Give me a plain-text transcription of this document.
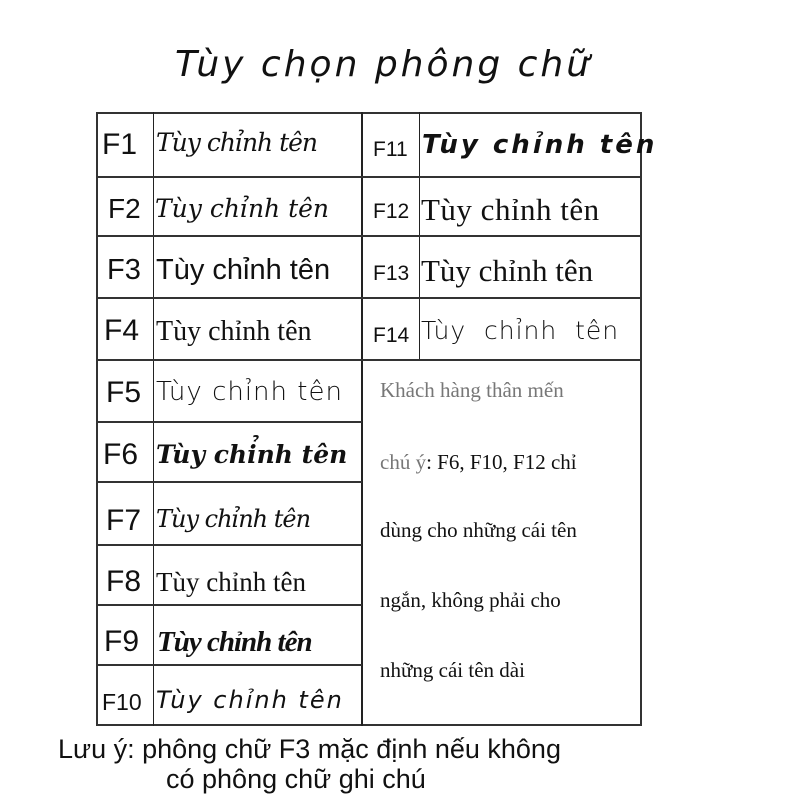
Tùy chọn phông chữ
F1 Tùy chỉnh tên
F2 Tùy chỉnh tên
F3 Tùy chỉnh tên
F4 Tùy chỉnh tên
F5 Tùy chỉnh tên
F6 Tùy chỉnh tên
F7 Tùy chỉnh tên
F8 Tùy chỉnh tên
F9 Tùy chỉnh tên
F10 Tùy chỉnh tên
F11 Tùy chỉnh tên
F12 Tùy chỉnh tên
F13 Tùy chỉnh tên
F14 Tùy  chỉnh  tên
Khách hàng thân mến
chú ý: F6, F10, F12 chỉ
dùng cho những cái tên
ngắn, không phải cho
những cái tên dài
Lưu ý: phông chữ F3 mặc định nếu không
có phông chữ ghi chú
